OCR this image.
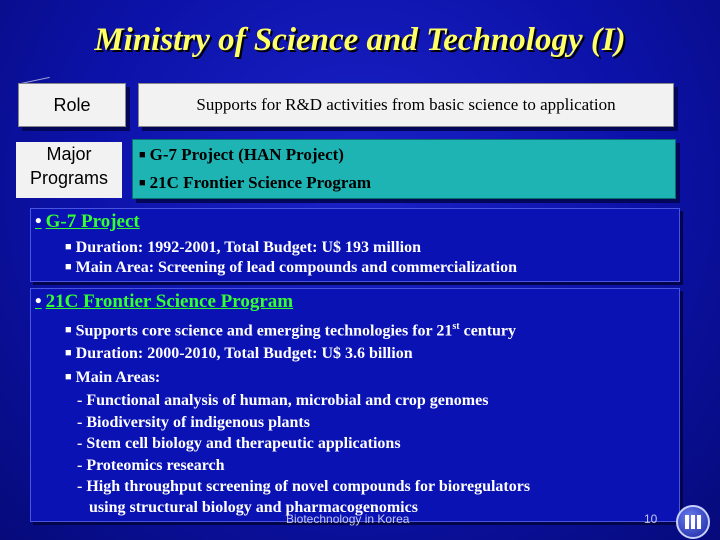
Ministry of Science and Technology (I)
Role	Supports for R&D activities from basic science to application
Major
Programs
■ G-7 Project (HAN Project)
■ 21C Frontier Science Program
• G-7 Project
■ Duration: 1992-2001, Total Budget: U$ 193 million
■ Main Area: Screening of lead compounds and commercialization
• 21C Frontier Science Program
■ Supports core science and emerging technologies for 21st century
■ Duration: 2000-2010, Total Budget: U$ 3.6 billion
■ Main Areas:
- Functional analysis of human, microbial and crop genomes
- Biodiversity of indigenous plants
- Stem cell biology and therapeutic applications
- Proteomics research
- High throughput screening of novel compounds for bioregulators
using structural biology and pharmacogenomics
Biotechnology in Korea	10
